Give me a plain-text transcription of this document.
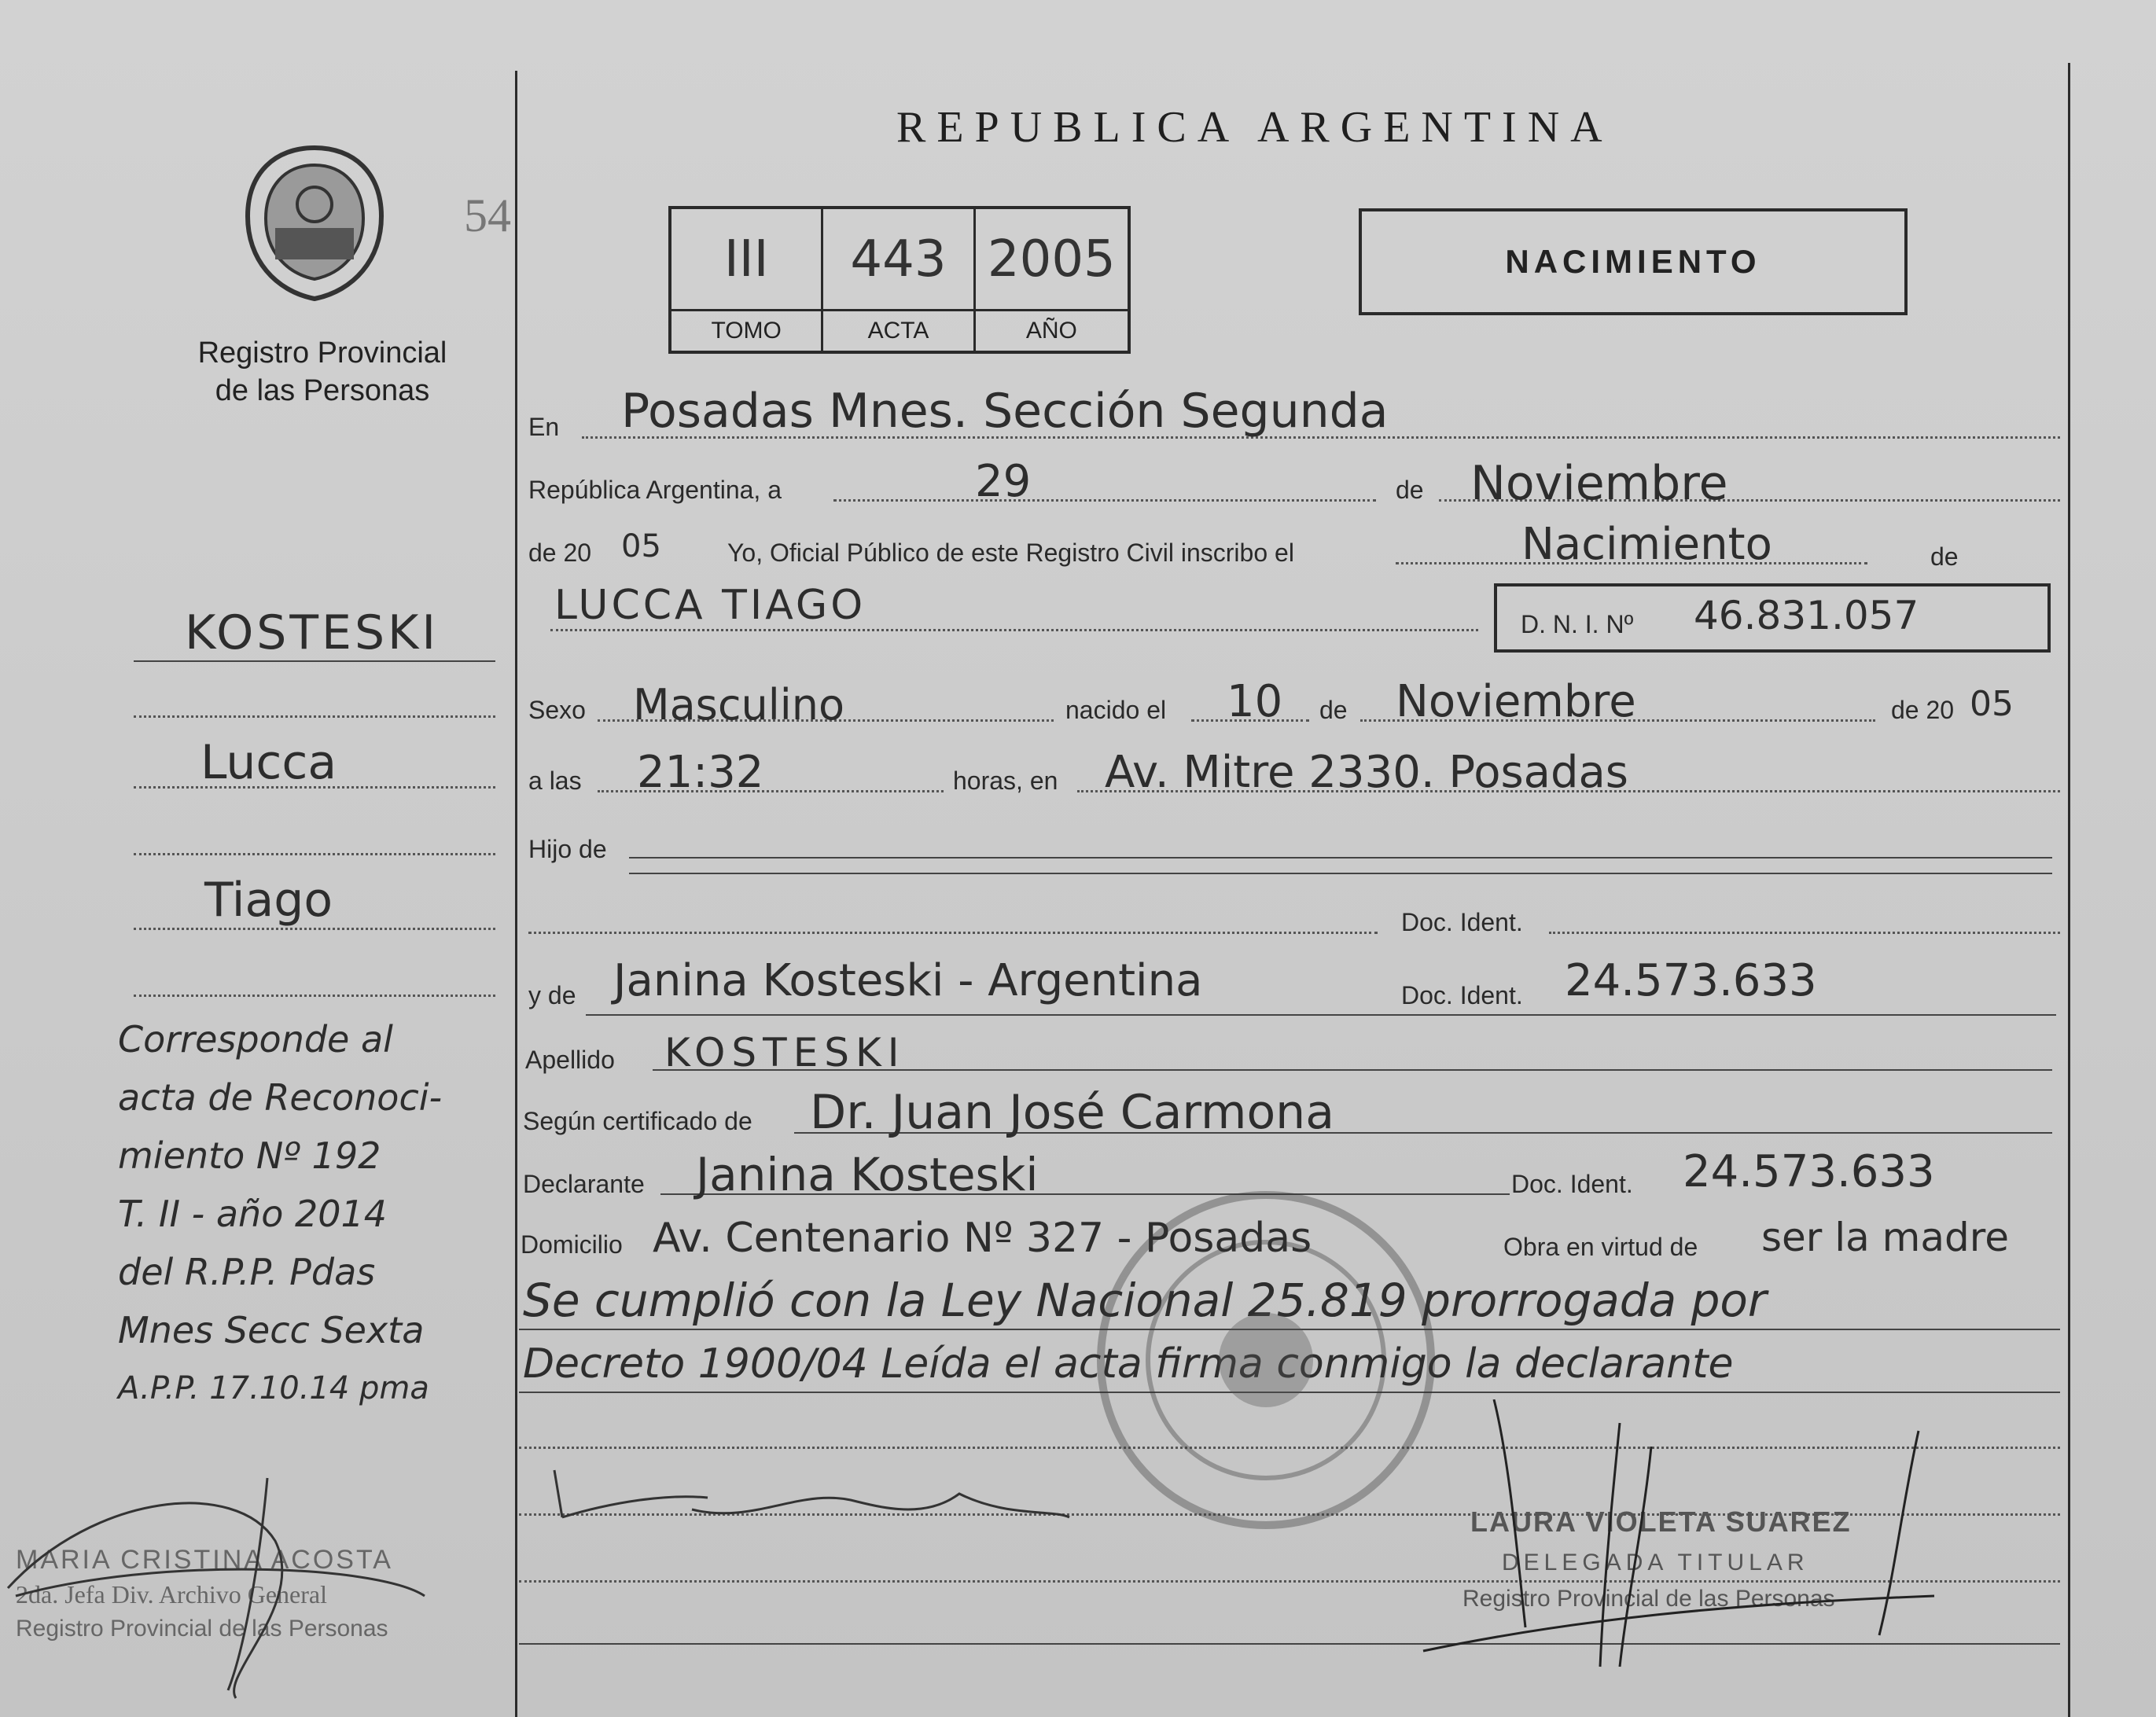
Registro Provincial
de las Personas
54
REPUBLICA ARGENTINA
III	443 2005
TOMO	ACTA	AÑO
NACIMIENTO
KOSTESKI
Lucca
Tiago
Corresponde al
acta de Reconoci-
miento Nº 192
T. II - año 2014
del R.P.P. Pdas
Mnes Secc Sexta
A.P.P. 17.10.14 pma
MARIA CRISTINA ACOSTA
2da. Jefa Div. Archivo General
Registro Provincial de las Personas
En Posadas Mnes. Sección Segunda
República Argentina, a	29	de Noviembre
de 20 05	Yo, Oficial Público de este Registro Civil inscribo el	Nacimiento	de
LUCCA TIAGO	D. N. I. Nº 46.831.057
Sexo Masculino	nacido el 10 de Noviembre	de 20 05
a las 21:32	horas, en Av. Mitre 2330. Posadas
Hijo de
Doc. Ident.
y de Janina Kosteski - Argentina	Doc. Ident. 24.573.633
Apellido KOSTESKI
Según certificado de Dr. Juan José Carmona
Declarante Janina Kosteski	Doc. Ident. 24.573.633
Domicilio Av. Centenario Nº 327 - Posadas	Obra en virtud de ser la madre
Se cumplió con la Ley Nacional 25.819 prorrogada por
Decreto 1900/04 Leída el acta firma conmigo la declarante
LAURA VIOLETA SUAREZ
DELEGADA TITULAR
Registro Provincial de las Personas
